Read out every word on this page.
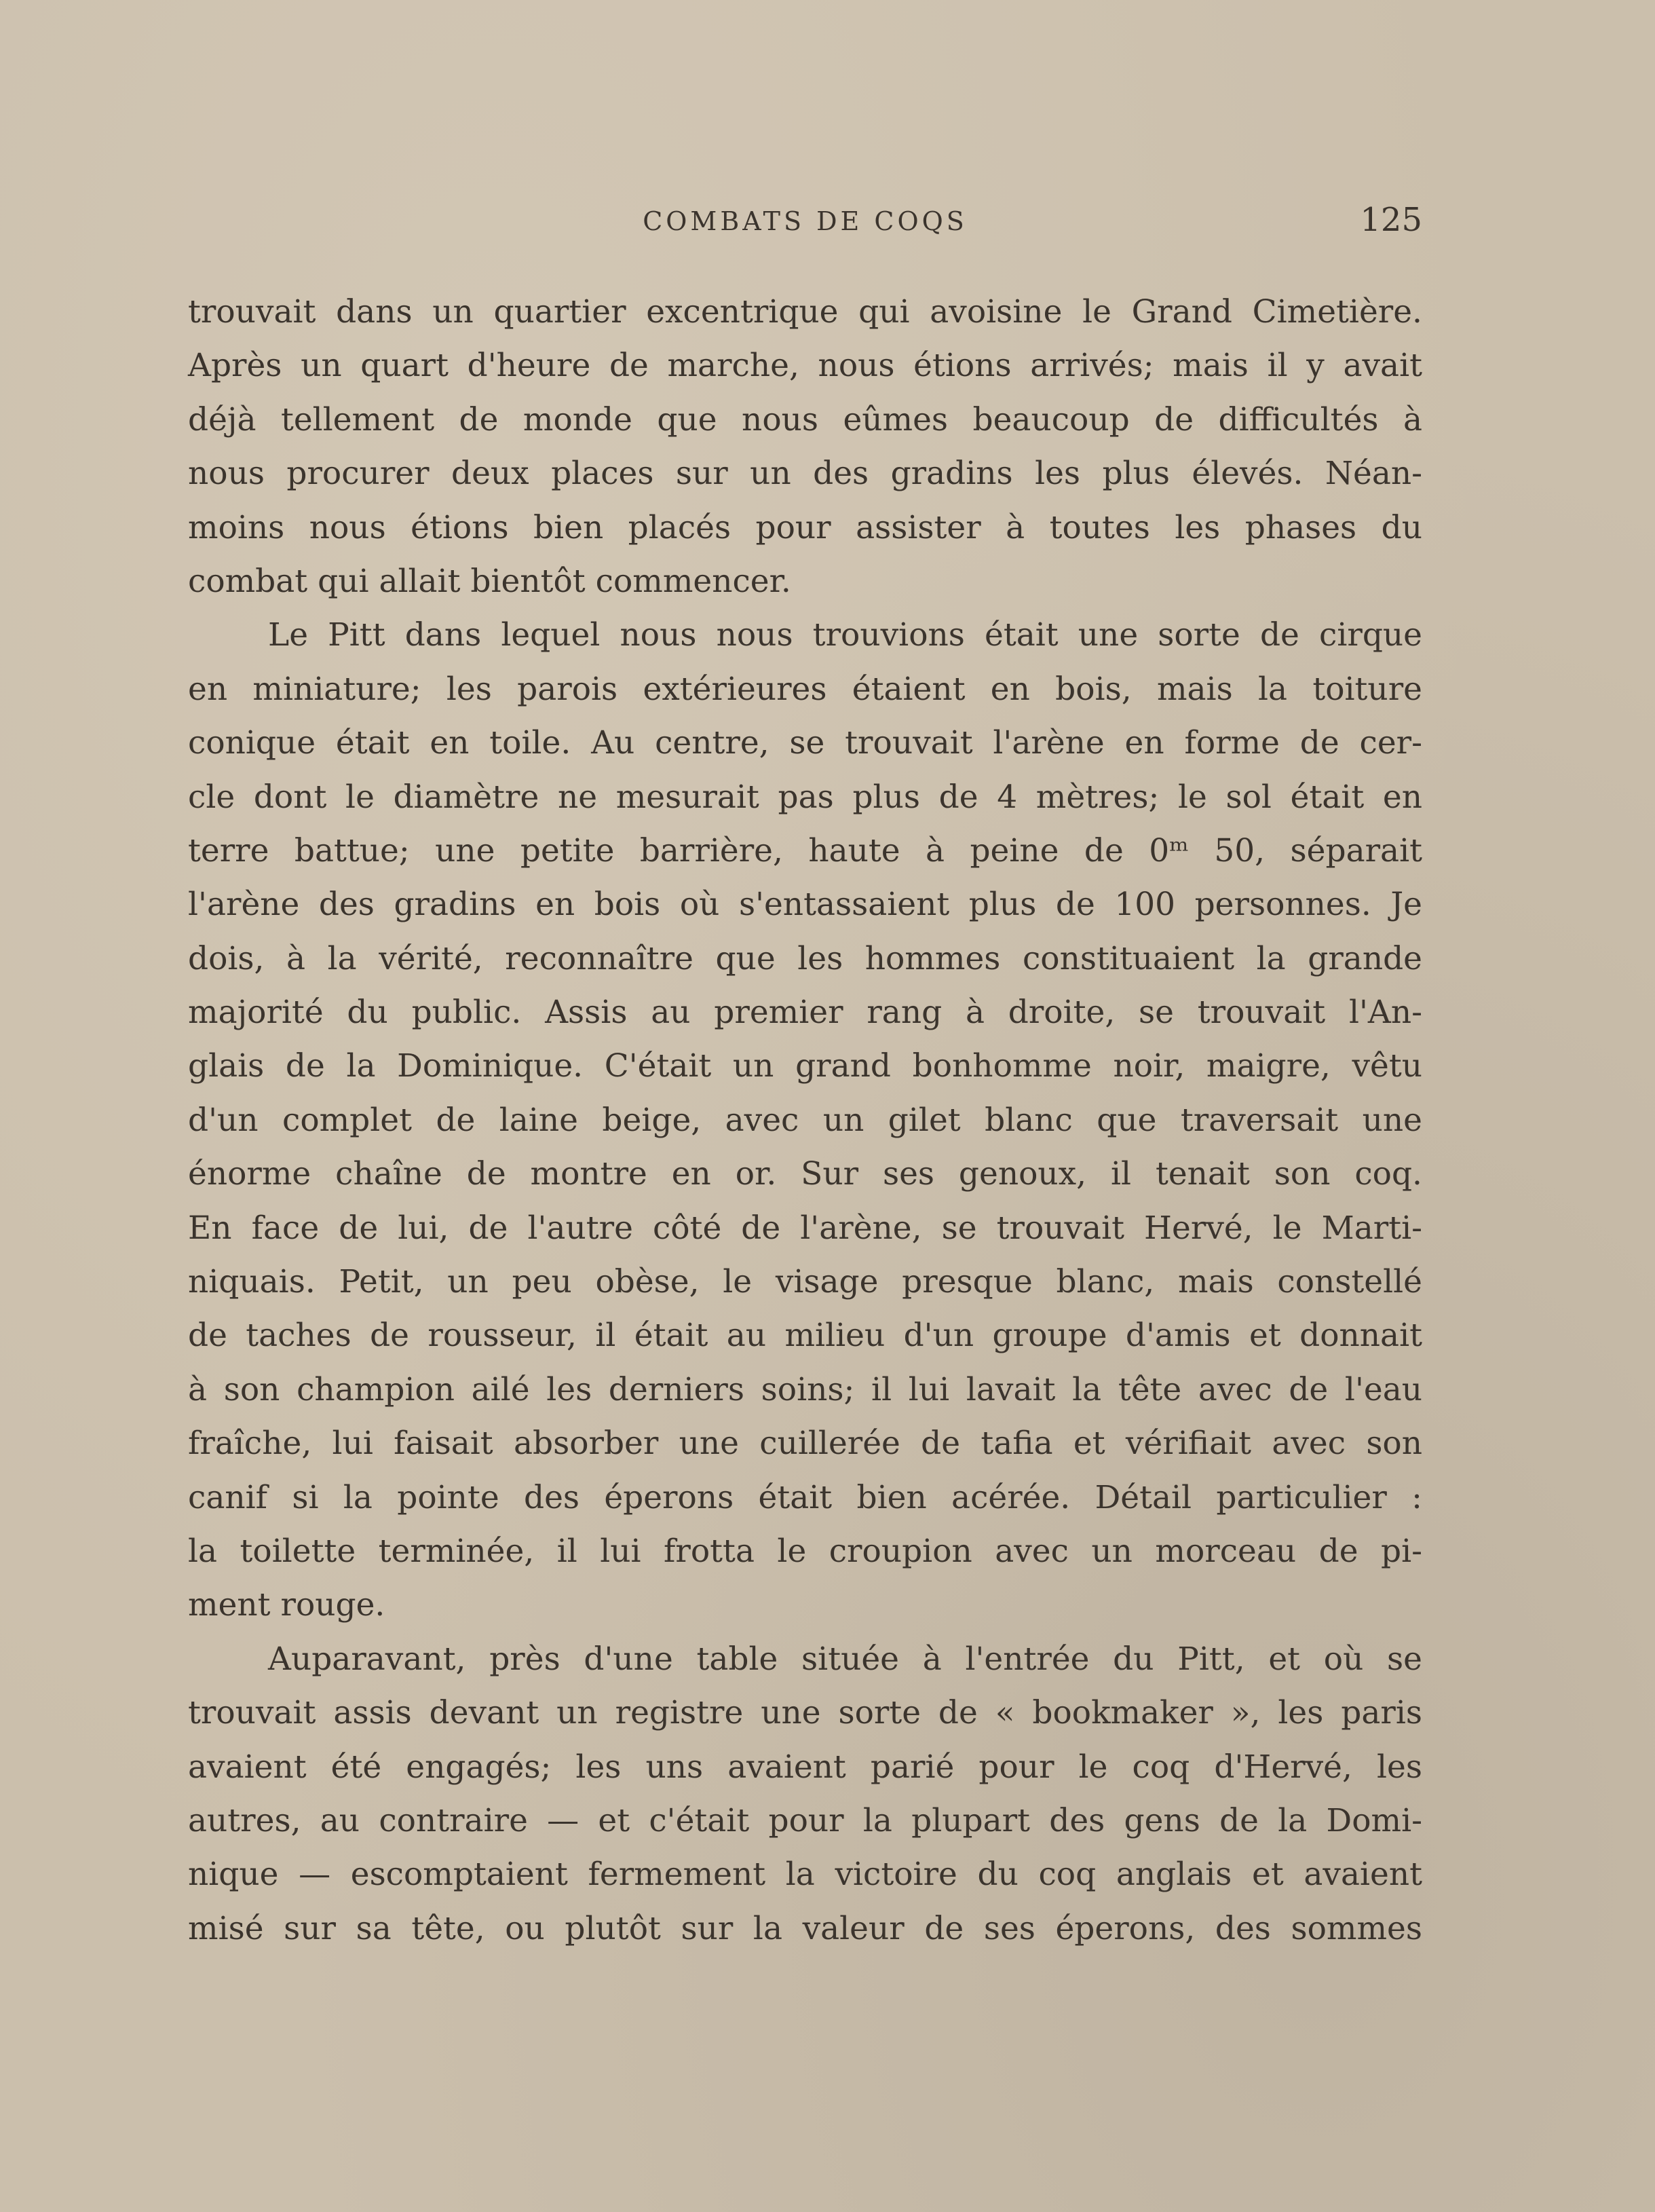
COMBATS DE COQS	125
trouvait dans un quartier excentrique qui avoisine le Grand Cimetière.
Après un quart d'heure de marche, nous étions arrivés; mais il y avait
déjà tellement de monde que nous eûmes beaucoup de difficultés à
nous procurer deux places sur un des gradins les plus élevés. Néan-
moins nous étions bien placés pour assister à toutes les phases du
combat qui allait bientôt commencer.
Le Pitt dans lequel nous nous trouvions était une sorte de cirque
en miniature; les parois extérieures étaient en bois, mais la toiture
conique était en toile. Au centre, se trouvait l'arène en forme de cer-
cle dont le diamètre ne mesurait pas plus de 4 mètres; le sol était en
terre battue; une petite barrière, haute à peine de 0ᵐ 50, séparait
l'arène des gradins en bois où s'entassaient plus de 100 personnes. Je
dois, à la vérité, reconnaître que les hommes constituaient la grande
majorité du public. Assis au premier rang à droite, se trouvait l'An-
glais de la Dominique. C'était un grand bonhomme noir, maigre, vêtu
d'un complet de laine beige, avec un gilet blanc que traversait une
énorme chaîne de montre en or. Sur ses genoux, il tenait son coq.
En face de lui, de l'autre côté de l'arène, se trouvait Hervé, le Marti-
niquais. Petit, un peu obèse, le visage presque blanc, mais constellé
de taches de rousseur, il était au milieu d'un groupe d'amis et donnait
à son champion ailé les derniers soins; il lui lavait la tête avec de l'eau
fraîche, lui faisait absorber une cuillerée de tafia et vérifiait avec son
canif si la pointe des éperons était bien acérée. Détail particulier :
la toilette terminée, il lui frotta le croupion avec un morceau de pi-
ment rouge.
Auparavant, près d'une table située à l'entrée du Pitt, et où se
trouvait assis devant un registre une sorte de « bookmaker », les paris
avaient été engagés; les uns avaient parié pour le coq d'Hervé, les
autres, au contraire — et c'était pour la plupart des gens de la Domi-
nique — escomptaient fermement la victoire du coq anglais et avaient
misé sur sa tête, ou plutôt sur la valeur de ses éperons, des sommes
